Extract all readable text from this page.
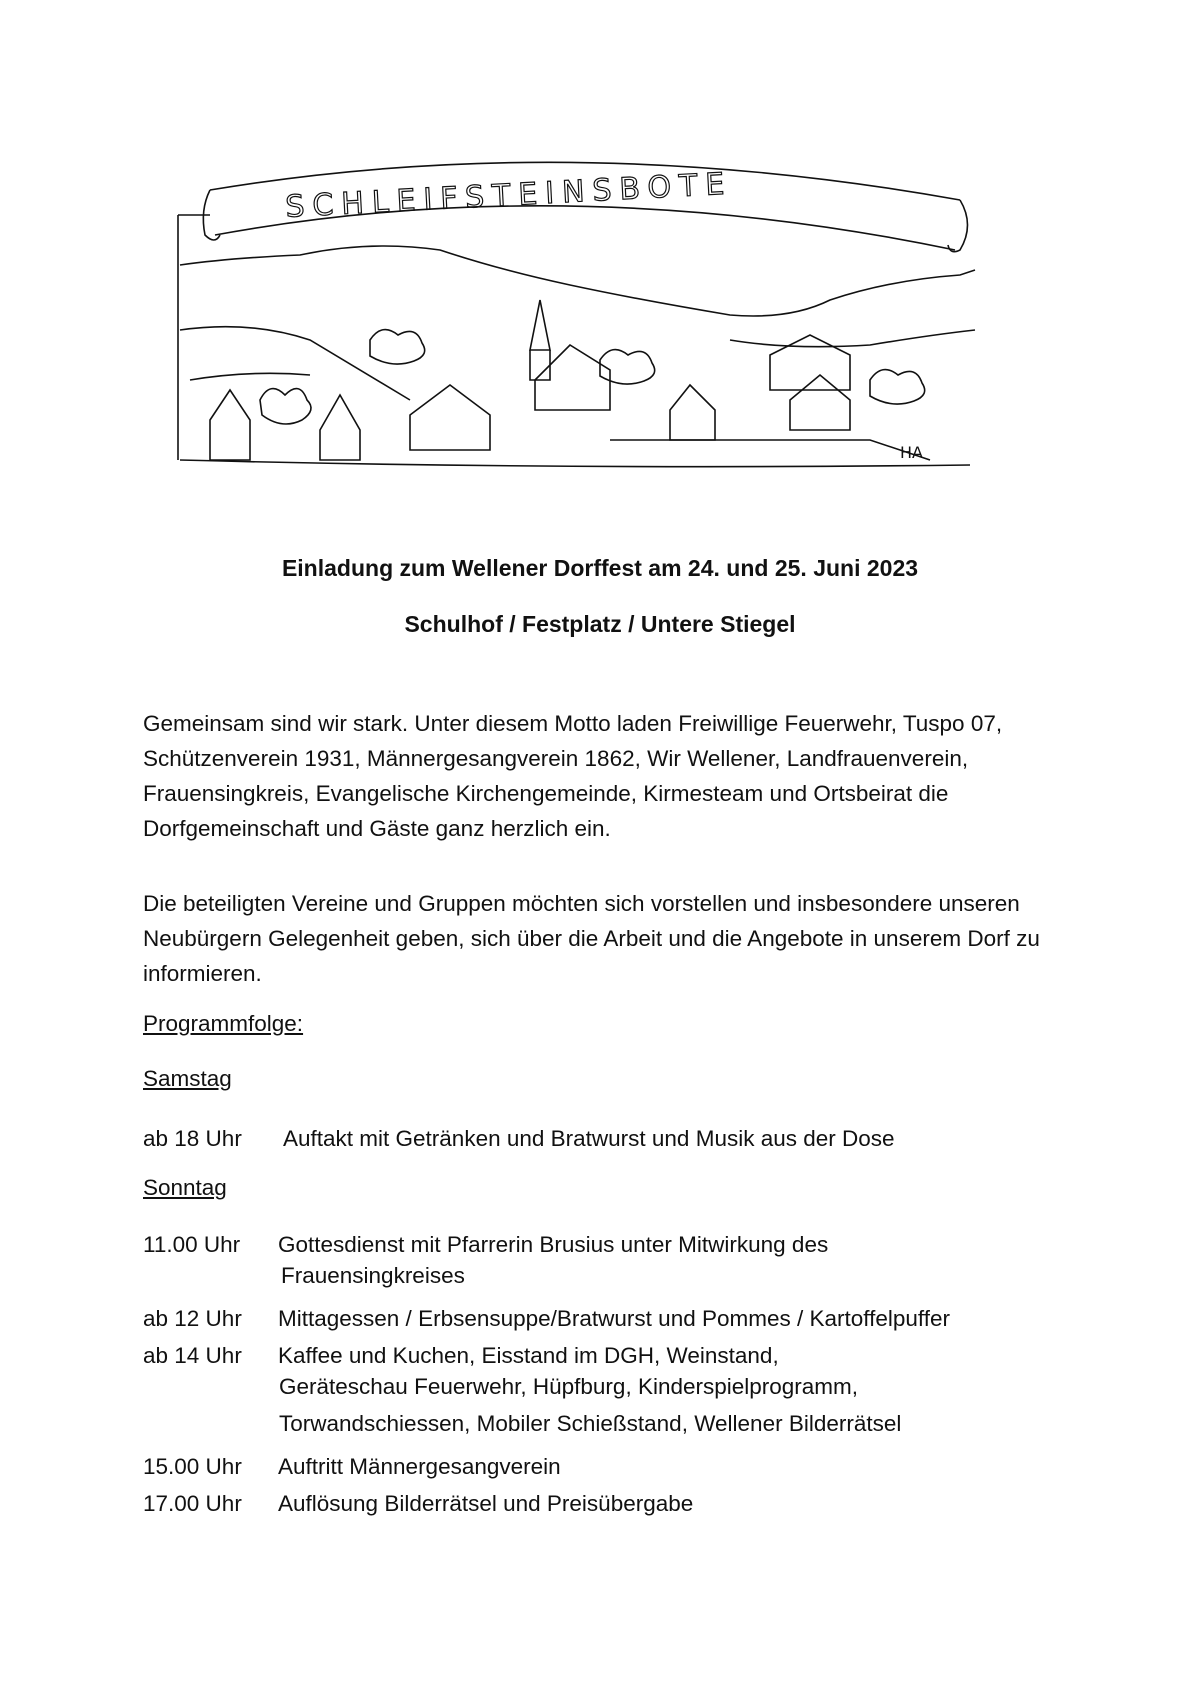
SCHLEIFSTEINSBOTE
HA
Einladung zum Wellener Dorffest am 24. und 25. Juni 2023
Schulhof / Festplatz / Untere Stiegel
Gemeinsam sind wir stark. Unter diesem Motto laden Freiwillige Feuerwehr, Tuspo 07, Schützenverein 1931, Männergesangverein 1862, Wir Wellener, Landfrauenverein, Frauensingkreis, Evangelische Kirchengemeinde, Kirmesteam und Ortsbeirat die Dorfgemeinschaft und Gäste ganz herzlich ein.
Die beteiligten Vereine und Gruppen möchten sich vorstellen und insbesondere unseren Neubürgern Gelegenheit geben, sich über die Arbeit und die Angebote in unserem Dorf zu informieren.
Programmfolge:
Samstag
ab 18 Uhr Auftakt mit Getränken und Bratwurst und Musik aus der Dose
Sonntag
11.00 Uhr Gottesdienst mit Pfarrerin Brusius unter Mitwirkung des
Frauensingkreises
ab 12 Uhr Mittagessen / Erbsensuppe/Bratwurst und Pommes / Kartoffelpuffer
ab 14 Uhr Kaffee und Kuchen, Eisstand im DGH, Weinstand,
Geräteschau Feuerwehr, Hüpfburg, Kinderspielprogramm,
Torwandschiessen, Mobiler Schießstand, Wellener Bilderrätsel
15.00 Uhr Auftritt Männergesangverein
17.00 Uhr Auflösung Bilderrätsel und Preisübergabe
